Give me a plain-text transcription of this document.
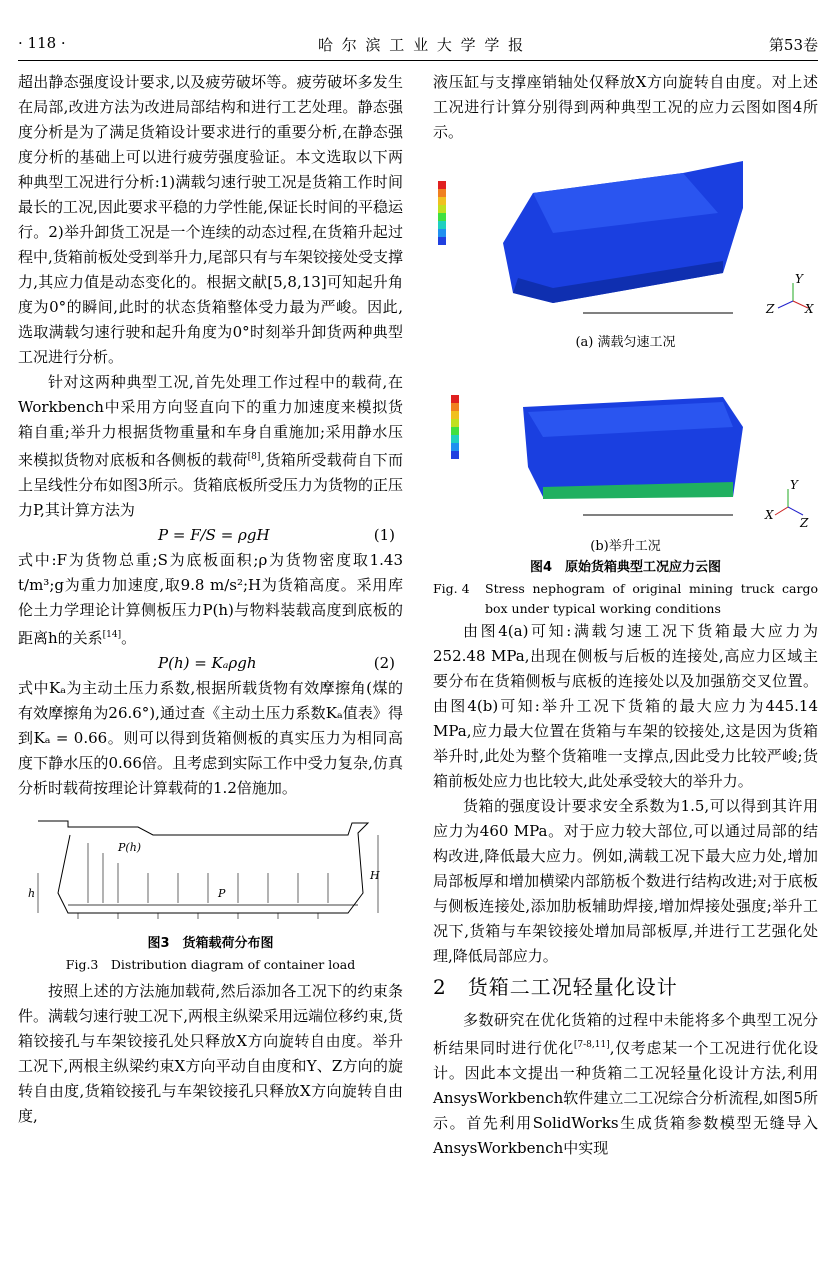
· 118 ·	哈 尔 滨 工 业 大 学 学 报	第53卷

超出静态强度设计要求,以及疲劳破坏等。疲劳破坏多发生在局部,改进方法为改进局部结构和进行工艺处理。静态强度分析是为了满足货箱设计要求进行的重要分析,在静态强度分析的基础上可以进行疲劳强度验证。本文选取以下两种典型工况进行分析:1)满载匀速行驶工况是货箱工作时间最长的工况,因此要求平稳的力学性能,保证长时间的平稳运行。2)举升卸货工况是一个连续的动态过程,在货箱升起过程中,货箱前板处受到举升力,尾部只有与车架铰接处受支撑力,其应力值是动态变化的。根据文献[5,8,13]可知起升角度为0°的瞬间,此时的状态货箱整体受力最为严峻。因此,选取满载匀速行驶和起升角度为0°时刻举升卸货两种典型工况进行分析。

针对这两种典型工况,首先处理工作过程中的载荷,在Workbench中采用方向竖直向下的重力加速度来模拟货箱自重;举升力根据货物重量和车身自重施加;采用静水压来模拟货物对底板和各侧板的载荷[8],货箱所受载荷自下而上呈线性分布如图3所示。货箱底板所受压力为货物的正压力P,其计算方法为

P = F/S = ρgH	(1)

式中:F为货物总重;S为底板面积;ρ为货物密度取1.43 t/m³;g为重力加速度,取9.8 m/s²;H为货箱高度。采用库伦土力学理论计算侧板压力P(h)与物料装载高度到底板的距离h的关系[14]。

P(h) = Kₐρgh	(2)

式中Kₐ为主动土压力系数,根据所载货物有效摩擦角(煤的有效摩擦角为26.6°),通过查《主动土压力系数Kₐ值表》得到Kₐ = 0.66。则可以得到货箱侧板的真实压力为相同高度下静水压的0.66倍。且考虑到实际工作中受力复杂,仿真分析时载荷按理论计算载荷的1.2倍施加。

P(h)
P
H
h
图3　货箱载荷分布图
Fig.3　Distribution diagram of container load

按照上述的方法施加载荷,然后添加各工况下的约束条件。满载匀速行驶工况下,两根主纵梁采用远端位移约束,货箱铰接孔与车架铰接孔处只释放X方向旋转自由度。举升工况下,两根主纵梁约束X方向平动自由度和Y、Z方向的旋转自由度,货箱铰接孔与车架铰接孔只释放X方向旋转自由度,

液压缸与支撑座销轴处仅释放X方向旋转自由度。对上述工况进行计算分别得到两种典型工况的应力云图如图4所示。

Y
Z	X
(a) 满载匀速工况
Y
X
Z
(b)举升工况
图4　原始货箱典型工况应力云图
Fig. 4	Stress nephogram of original mining truck cargo box under typical working conditions

由图4(a)可知:满载匀速工况下货箱最大应力为252.48 MPa,出现在侧板与后板的连接处,高应力区域主要分布在货箱侧板与底板的连接处以及加强筋交叉位置。由图4(b)可知:举升工况下货箱的最大应力为445.14 MPa,应力最大位置在货箱与车架的铰接处,这是因为货箱举升时,此处为整个货箱唯一支撑点,因此受力比较严峻;货箱前板处应力也比较大,此处承受较大的举升力。

货箱的强度设计要求安全系数为1.5,可以得到其许用应力为460 MPa。对于应力较大部位,可以通过局部的结构改进,降低最大应力。例如,满载工况下最大应力处,增加局部板厚和增加横梁内部筋板个数进行结构改进;对于底板与侧板连接处,添加肋板辅助焊接,增加焊接处强度;举升工况下,货箱与车架铰接处增加局部板厚,并进行工艺强化处理,降低局部应力。

2　货箱二工况轻量化设计

多数研究在优化货箱的过程中未能将多个典型工况分析结果同时进行优化[7-8,11],仅考虑某一个工况进行优化设计。因此本文提出一种货箱二工况轻量化设计方法,利用AnsysWorkbench软件建立二工况综合分析流程,如图5所示。首先利用SolidWorks生成货箱参数模型无缝导入AnsysWorkbench中实现
